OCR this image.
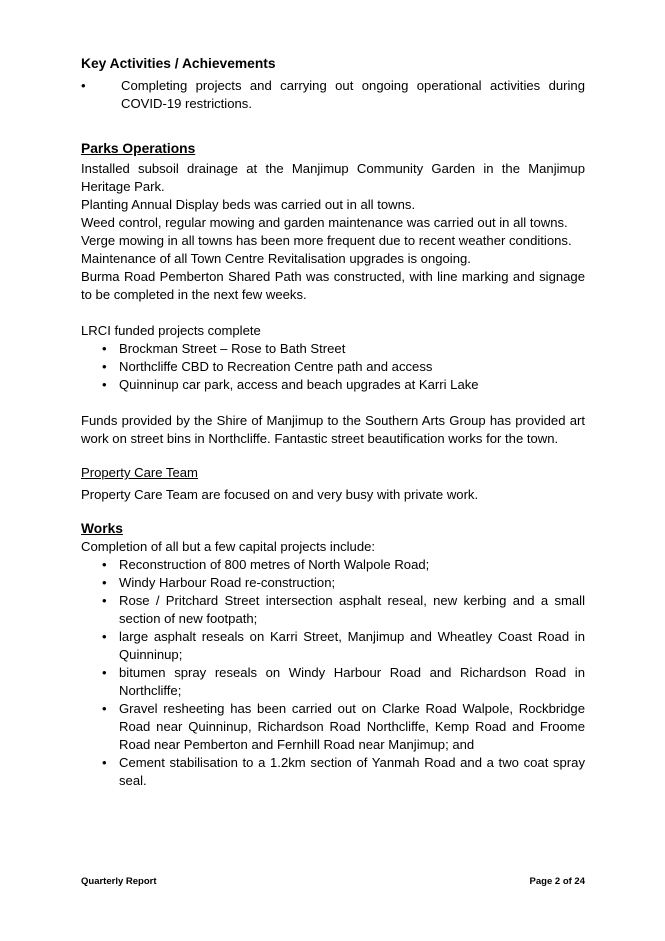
Key Activities / Achievements

•	Completing projects and carrying out ongoing operational activities during COVID-19 restrictions.

Parks Operations

Installed subsoil drainage at the Manjimup Community Garden in the Manjimup Heritage Park.

Planting Annual Display beds was carried out in all towns.

Weed control, regular mowing and garden maintenance was carried out in all towns.

Verge mowing in all towns has been more frequent due to recent weather conditions.

Maintenance of all Town Centre Revitalisation upgrades is ongoing.

Burma Road Pemberton Shared Path was constructed, with line marking and signage to be completed in the next few weeks.

LRCI funded projects complete

• Brockman Street – Rose to Bath Street
• Northcliffe CBD to Recreation Centre path and access
• Quinninup car park, access and beach upgrades at Karri Lake

Funds provided by the Shire of Manjimup to the Southern Arts Group has provided art work on street bins in Northcliffe. Fantastic street beautification works for the town.

Property Care Team

Property Care Team are focused on and very busy with private work.

Works

Completion of all but a few capital projects include:

• Reconstruction of 800 metres of North Walpole Road;
• Windy Harbour Road re-construction;
• Rose / Pritchard Street intersection asphalt reseal, new kerbing and a small section of new footpath;
• large asphalt reseals on Karri Street, Manjimup and Wheatley Coast Road in Quinninup;
• bitumen spray reseals on Windy Harbour Road and Richardson Road in Northcliffe;
• Gravel resheeting has been carried out on Clarke Road Walpole, Rockbridge Road near Quinninup, Richardson Road Northcliffe, Kemp Road and Froome Road near Pemberton and Fernhill Road near Manjimup; and
• Cement stabilisation to a 1.2km section of Yanmah Road and a two coat spray seal.
Quarterly Report	Page 2 of 24
